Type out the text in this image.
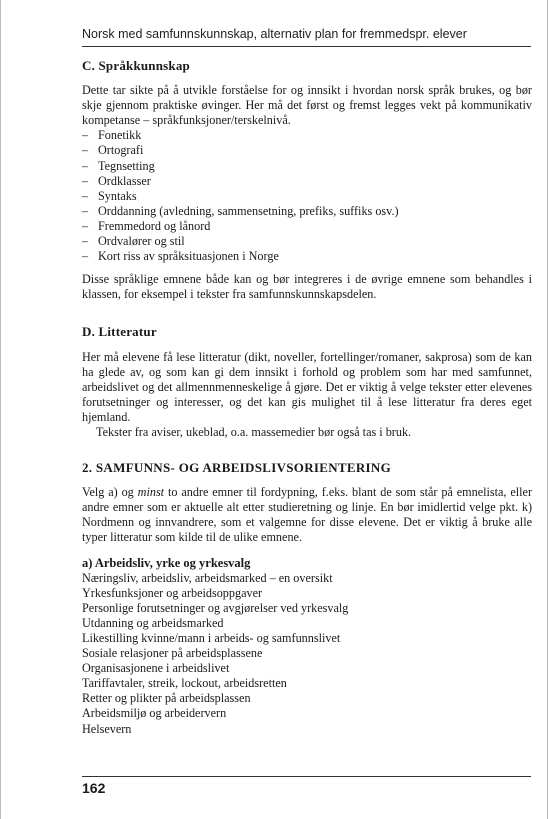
Norsk med samfunnskunnskap, alternativ plan for fremmedspr. elever
C. Språkkunnskap

Dette tar sikte på å utvikle forståelse for og innsikt i hvordan norsk språk brukes, og bør skje gjennom praktiske øvinger. Her må det først og fremst legges vekt på kommunikativ kompetanse – språkfunksjoner/terskelnivå.

– Fonetikk
– Ortografi
– Tegnsetting
– Ordklasser
– Syntaks
– Orddanning (avledning, sammensetning, prefiks, suffiks osv.)
– Fremmedord og lånord
– Ordvalører og stil
– Kort riss av språksituasjonen i Norge

Disse språklige emnene både kan og bør integreres i de øvrige emnene som behandles i klassen, for eksempel i tekster fra samfunnskunnskapsdelen.

D. Litteratur

Her må elevene få lese litteratur (dikt, noveller, fortellinger/romaner, sakprosa) som de kan ha glede av, og som kan gi dem innsikt i forhold og problem som har med samfunnet, arbeidslivet og det allmennmenneskelige å gjøre. Det er viktig å velge tekster etter elevenes forutsetninger og interesser, og det kan gis mulighet til å lese litteratur fra deres eget hjemland.

Tekster fra aviser, ukeblad, o.a. massemedier bør også tas i bruk.

2. SAMFUNNS- OG ARBEIDSLIVSORIENTERING

Velg a) og minst to andre emner til fordypning, f.eks. blant de som står på emnelista, eller andre emner som er aktuelle alt etter studieretning og linje. En bør imidlertid velge pkt. k) Nordmenn og innvandrere, som et valgemne for disse elevene. Det er viktig å bruke alle typer litteratur som kilde til de ulike emnene.

a) Arbeidsliv, yrke og yrkesvalg
Næringsliv, arbeidsliv, arbeidsmarked – en oversikt
Yrkesfunksjoner og arbeidsoppgaver
Personlige forutsetninger og avgjørelser ved yrkesvalg
Utdanning og arbeidsmarked
Likestilling kvinne/mann i arbeids- og samfunnslivet
Sosiale relasjoner på arbeidsplassene
Organisasjonene i arbeidslivet
Tariffavtaler, streik, lockout, arbeidsretten
Retter og plikter på arbeidsplassen
Arbeidsmiljø og arbeidervern
Helsevern
162
